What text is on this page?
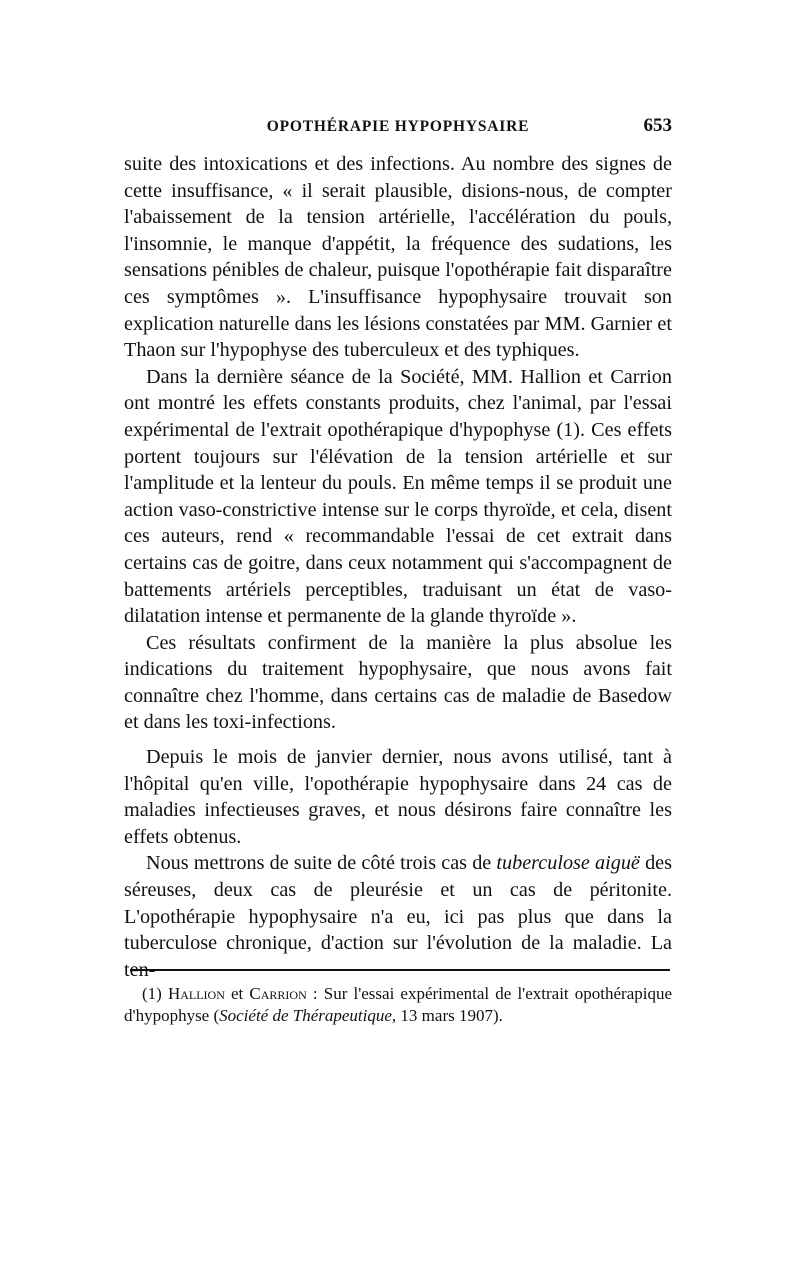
OPOTHÉRAPIE HYPOPHYSAIRE	653

suite des intoxications et des infections. Au nombre des signes de cette insuffisance, « il serait plausible, disions-nous, de compter l'abaissement de la tension artérielle, l'accélération du pouls, l'insomnie, le manque d'appétit, la fréquence des sudations, les sensations pénibles de chaleur, puisque l'opothérapie fait disparaître ces symptômes ». L'insuffisance hypophysaire trouvait son explication naturelle dans les lésions constatées par MM. Garnier et Thaon sur l'hypophyse des tuberculeux et des typhiques.

Dans la dernière séance de la Société, MM. Hallion et Carrion ont montré les effets constants produits, chez l'animal, par l'essai expérimental de l'extrait opothérapique d'hypophyse (1). Ces effets portent toujours sur l'élévation de la tension artérielle et sur l'amplitude et la lenteur du pouls. En même temps il se produit une action vaso-constrictive intense sur le corps thyroïde, et cela, disent ces auteurs, rend « recommandable l'essai de cet extrait dans certains cas de goitre, dans ceux notamment qui s'accompagnent de battements artériels perceptibles, traduisant un état de vaso-dilatation intense et permanente de la glande thyroïde ».

Ces résultats confirment de la manière la plus absolue les indications du traitement hypophysaire, que nous avons fait connaître chez l'homme, dans certains cas de maladie de Basedow et dans les toxi-infections.

Depuis le mois de janvier dernier, nous avons utilisé, tant à l'hôpital qu'en ville, l'opothérapie hypophysaire dans 24 cas de maladies infectieuses graves, et nous désirons faire connaître les effets obtenus.

Nous mettrons de suite de côté trois cas de tuberculose aiguë des séreuses, deux cas de pleurésie et un cas de péritonite. L'opothérapie hypophysaire n'a eu, ici pas plus que dans la tuberculose chronique, d'action sur l'évolution de la maladie. La ten-

(1) Hallion et Carrion : Sur l'essai expérimental de l'extrait opothérapique d'hypophyse (Société de Thérapeutique, 13 mars 1907).
